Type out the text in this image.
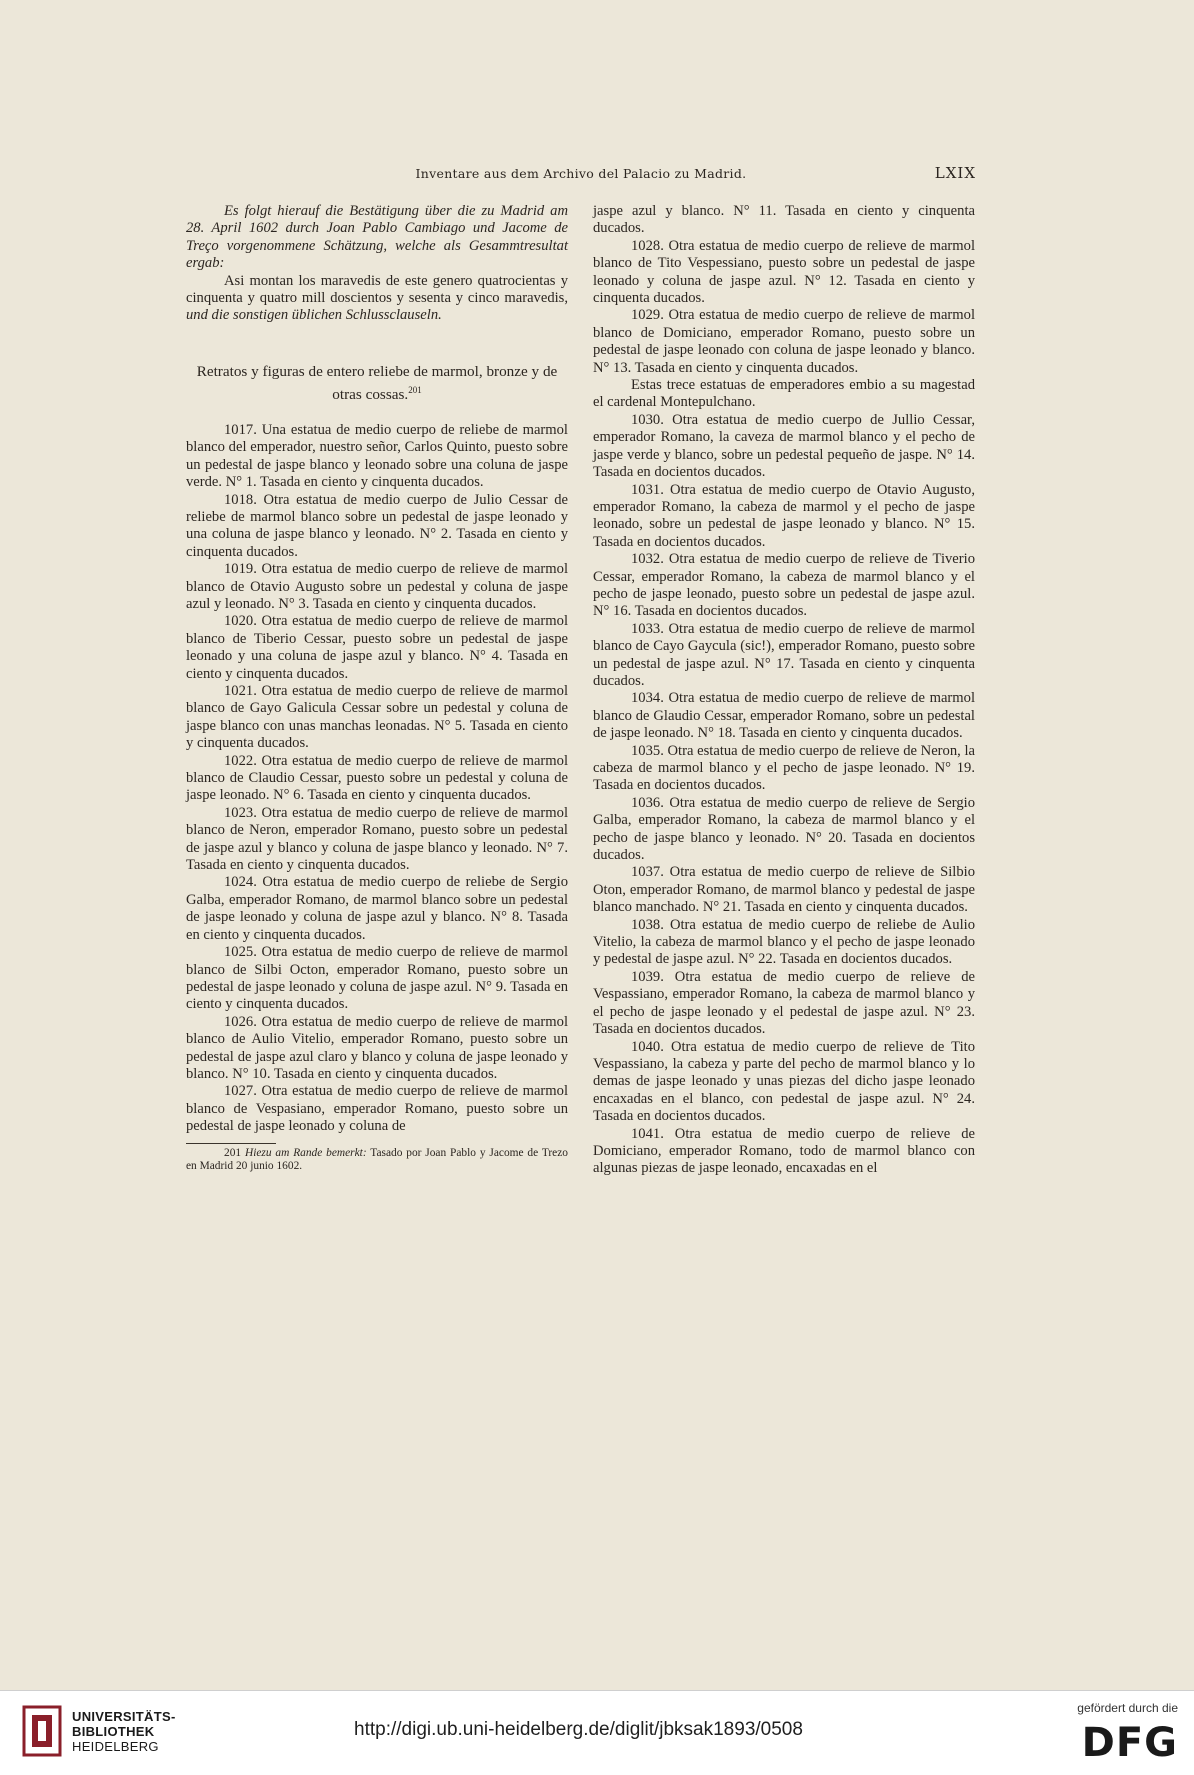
Inventare aus dem Archivo del Palacio zu Madrid.	LXIX

Es folgt hierauf die Bestätigung über die zu Madrid am 28. April 1602 durch Joan Pablo Cambiago und Jacome de Treço vorgenommene Schätzung, welche als Gesammtresultat ergab:

Asi montan los maravedis de este genero quatrocientas y cinquenta y quatro mill doscientos y sesenta y cinco maravedis, und die sonstigen üblichen Schlussclauseln.

Retratos y figuras de entero reliebe de marmol, bronze y de otras cossas.$^{201}$

1017. Una estatua de medio cuerpo de reliebe de marmol blanco del emperador, nuestro señor, Carlos Quinto, puesto sobre un pedestal de jaspe blanco y leonado sobre una coluna de jaspe verde. N° 1. Tasada en ciento y cinquenta ducados.

1018. Otra estatua de medio cuerpo de Julio Cessar de reliebe de marmol blanco sobre un pedestal de jaspe leonado y una coluna de jaspe blanco y leonado. N° 2. Tasada en ciento y cinquenta ducados.

1019. Otra estatua de medio cuerpo de relieve de marmol blanco de Otavio Augusto sobre un pedestal y coluna de jaspe azul y leonado. N° 3. Tasada en ciento y cinquenta ducados.

1020. Otra estatua de medio cuerpo de relieve de marmol blanco de Tiberio Cessar, puesto sobre un pedestal de jaspe leonado y una coluna de jaspe azul y blanco. N° 4. Tasada en ciento y cinquenta ducados.

1021. Otra estatua de medio cuerpo de relieve de marmol blanco de Gayo Galicula Cessar sobre un pedestal y coluna de jaspe blanco con unas manchas leonadas. N° 5. Tasada en ciento y cinquenta ducados.

1022. Otra estatua de medio cuerpo de relieve de marmol blanco de Claudio Cessar, puesto sobre un pedestal y coluna de jaspe leonado. N° 6. Tasada en ciento y cinquenta ducados.

1023. Otra estatua de medio cuerpo de relieve de marmol blanco de Neron, emperador Romano, puesto sobre un pedestal de jaspe azul y blanco y coluna de jaspe blanco y leonado. N° 7. Tasada en ciento y cinquenta ducados.

1024. Otra estatua de medio cuerpo de reliebe de Sergio Galba, emperador Romano, de marmol blanco sobre un pedestal de jaspe leonado y coluna de jaspe azul y blanco. N° 8. Tasada en ciento y cinquenta ducados.

1025. Otra estatua de medio cuerpo de relieve de marmol blanco de Silbi Octon, emperador Romano, puesto sobre un pedestal de jaspe leonado y coluna de jaspe azul. N° 9. Tasada en ciento y cinquenta ducados.

1026. Otra estatua de medio cuerpo de relieve de marmol blanco de Aulio Vitelio, emperador Romano, puesto sobre un pedestal de jaspe azul claro y blanco y coluna de jaspe leonado y blanco. N° 10. Tasada en ciento y cinquenta ducados.

1027. Otra estatua de medio cuerpo de relieve de marmol blanco de Vespasiano, emperador Romano, puesto sobre un pedestal de jaspe leonado y coluna de

201 Hiezu am Rande bemerkt: Tasado por Joan Pablo y Jacome de Trezo en Madrid 20 junio 1602.

jaspe azul y blanco. N° 11. Tasada en ciento y cinquenta ducados.

1028. Otra estatua de medio cuerpo de relieve de marmol blanco de Tito Vespessiano, puesto sobre un pedestal de jaspe leonado y coluna de jaspe azul. N° 12. Tasada en ciento y cinquenta ducados.

1029. Otra estatua de medio cuerpo de relieve de marmol blanco de Domiciano, emperador Romano, puesto sobre un pedestal de jaspe leonado con coluna de jaspe leonado y blanco. N° 13. Tasada en ciento y cinquenta ducados.

Estas trece estatuas de emperadores embio a su magestad el cardenal Montepulchano.

1030. Otra estatua de medio cuerpo de Jullio Cessar, emperador Romano, la caveza de marmol blanco y el pecho de jaspe verde y blanco, sobre un pedestal pequeño de jaspe. N° 14. Tasada en docientos ducados.

1031. Otra estatua de medio cuerpo de Otavio Augusto, emperador Romano, la cabeza de marmol y el pecho de jaspe leonado, sobre un pedestal de jaspe leonado y blanco. N° 15. Tasada en docientos ducados.

1032. Otra estatua de medio cuerpo de relieve de Tiverio Cessar, emperador Romano, la cabeza de marmol blanco y el pecho de jaspe leonado, puesto sobre un pedestal de jaspe azul. N° 16. Tasada en docientos ducados.

1033. Otra estatua de medio cuerpo de relieve de marmol blanco de Cayo Gaycula (sic!), emperador Romano, puesto sobre un pedestal de jaspe azul. N° 17. Tasada en ciento y cinquenta ducados.

1034. Otra estatua de medio cuerpo de relieve de marmol blanco de Glaudio Cessar, emperador Romano, sobre un pedestal de jaspe leonado. N° 18. Tasada en ciento y cinquenta ducados.

1035. Otra estatua de medio cuerpo de relieve de Neron, la cabeza de marmol blanco y el pecho de jaspe leonado. N° 19. Tasada en docientos ducados.

1036. Otra estatua de medio cuerpo de relieve de Sergio Galba, emperador Romano, la cabeza de marmol blanco y el pecho de jaspe blanco y leonado. N° 20. Tasada en docientos ducados.

1037. Otra estatua de medio cuerpo de relieve de Silbio Oton, emperador Romano, de marmol blanco y pedestal de jaspe blanco manchado. N° 21. Tasada en ciento y cinquenta ducados.

1038. Otra estatua de medio cuerpo de reliebe de Aulio Vitelio, la cabeza de marmol blanco y el pecho de jaspe leonado y pedestal de jaspe azul. N° 22. Tasada en docientos ducados.

1039. Otra estatua de medio cuerpo de relieve de Vespassiano, emperador Romano, la cabeza de marmol blanco y el pecho de jaspe leonado y el pedestal de jaspe azul. N° 23. Tasada en docientos ducados.

1040. Otra estatua de medio cuerpo de relieve de Tito Vespassiano, la cabeza y parte del pecho de marmol blanco y lo demas de jaspe leonado y unas piezas del dicho jaspe leonado encaxadas en el blanco, con pedestal de jaspe azul. N° 24. Tasada en docientos ducados.

1041. Otra estatua de medio cuerpo de relieve de Domiciano, emperador Romano, todo de marmol blanco con algunas piezas de jaspe leonado, encaxadas en el

UNIVERSITÄTS-
BIBLIOTHEK
HEIDELBERG
http://digi.ub.uni-heidelberg.de/diglit/jbksak1893/0508
gefördert durch die
DFG
